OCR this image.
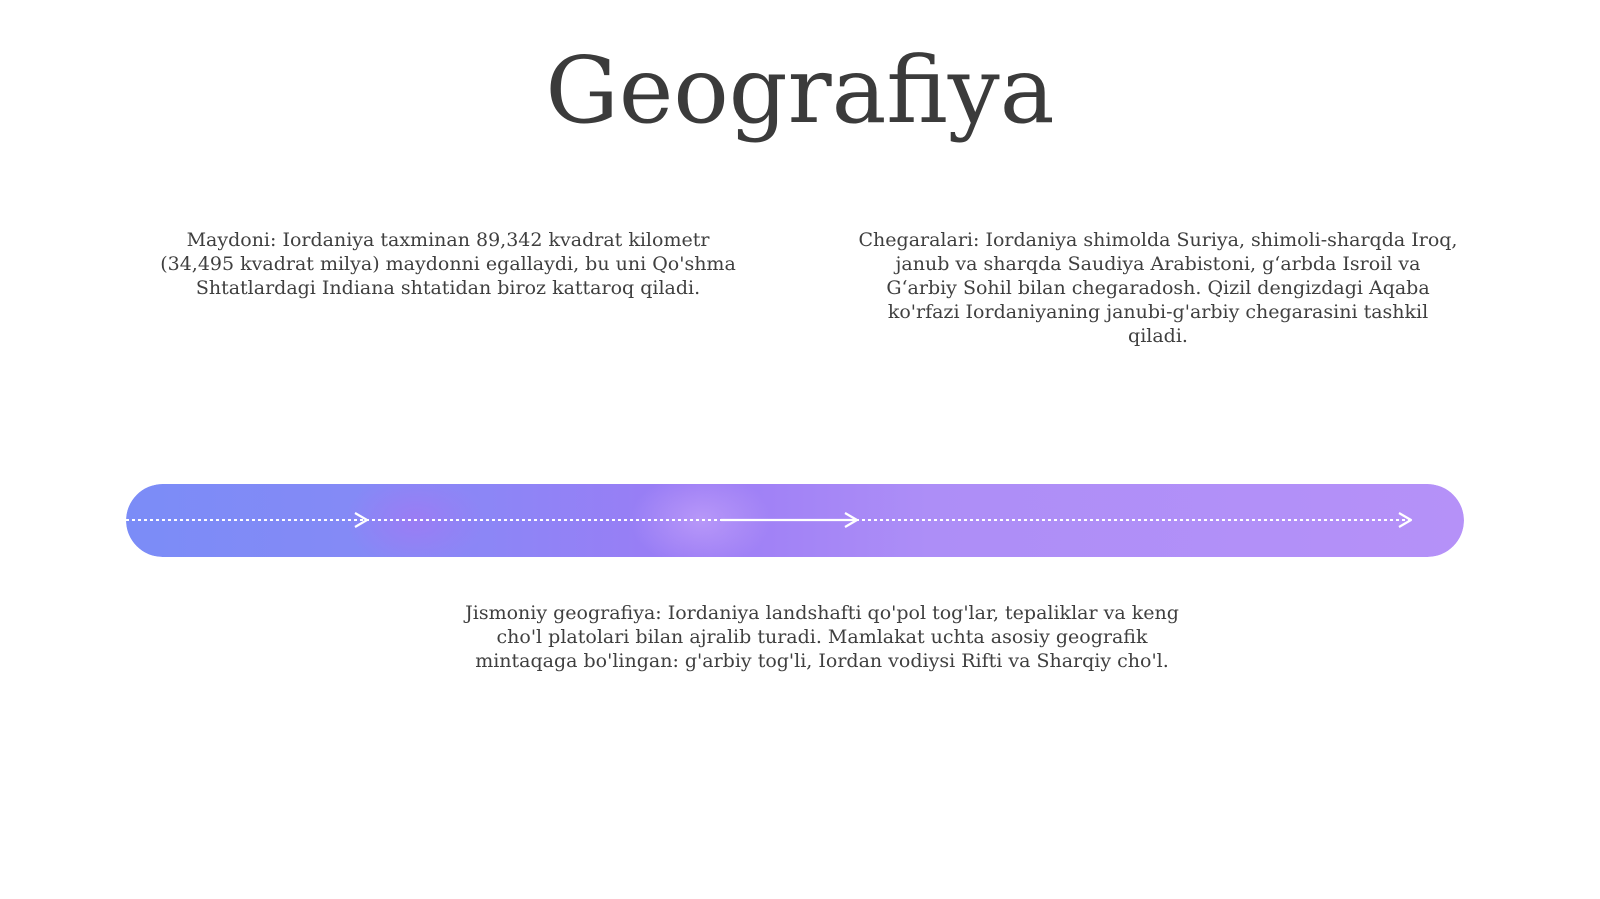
Geografiya
Maydoni: Iordaniya taxminan 89,342 kvadrat kilometr (34,495 kvadrat milya) maydonni egallaydi, bu uni Qo'shma Shtatlardagi Indiana shtatidan biroz kattaroq qiladi.
Chegaralari: Iordaniya shimolda Suriya, shimoli-sharqda Iroq, janub va sharqda Saudiya Arabistoni, g‘arbda Isroil va G‘arbiy Sohil bilan chegaradosh. Qizil dengizdagi Aqaba ko'rfazi Iordaniyaning janubi-g'arbiy chegarasini tashkil qiladi.
Jismoniy geografiya: Iordaniya landshafti qo'pol tog'lar, tepaliklar va keng cho'l platolari bilan ajralib turadi. Mamlakat uchta asosiy geografik mintaqaga bo'lingan: g'arbiy tog'li, Iordan vodiysi Rifti va Sharqiy cho'l.
